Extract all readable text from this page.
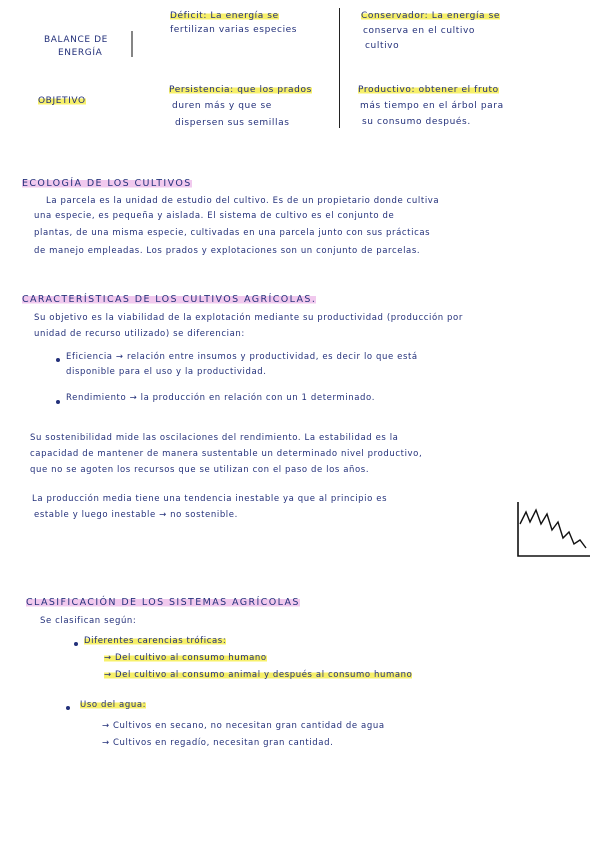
BALANCE DE
ENERGÍA
Déficit: La energía se
fertilizan varias especies
Conservador: La energía se
conserva en el cultivo
cultivo
OBJETIVO
Persistencia: que los prados
duren más y que se
dispersen sus semillas
Productivo: obtener el fruto
más tiempo en el árbol para
su consumo después.
ECOLOGÍA DE LOS CULTIVOS
La parcela es la unidad de estudio del cultivo. Es de un propietario donde cultiva
una especie, es pequeña y aislada. El sistema de cultivo es el conjunto de
plantas, de una misma especie, cultivadas en una parcela junto con sus prácticas
de manejo empleadas. Los prados y explotaciones son un conjunto de parcelas.
CARACTERÍSTICAS DE LOS CULTIVOS AGRÍCOLAS.
Su objetivo es la viabilidad de la explotación mediante su productividad (producción por
unidad de recurso utilizado) se diferencian:
Eficiencia → relación entre insumos y productividad, es decir lo que está
disponible para el uso y la productividad.
Rendimiento → la producción en relación con un 1 determinado.
Su sostenibilidad mide las oscilaciones del rendimiento. La estabilidad es la
capacidad de mantener de manera sustentable un determinado nivel productivo,
que no se agoten los recursos que se utilizan con el paso de los años.
La producción media tiene una tendencia inestable ya que al principio es
estable y luego inestable → no sostenible.
CLASIFICACIÓN DE LOS SISTEMAS AGRÍCOLAS
Se clasifican según:
Diferentes carencias tróficas:
→ Del cultivo al consumo humano
→ Del cultivo al consumo animal y después al consumo humano
Uso del agua:
→ Cultivos en secano, no necesitan gran cantidad de agua
→ Cultivos en regadío, necesitan gran cantidad.
